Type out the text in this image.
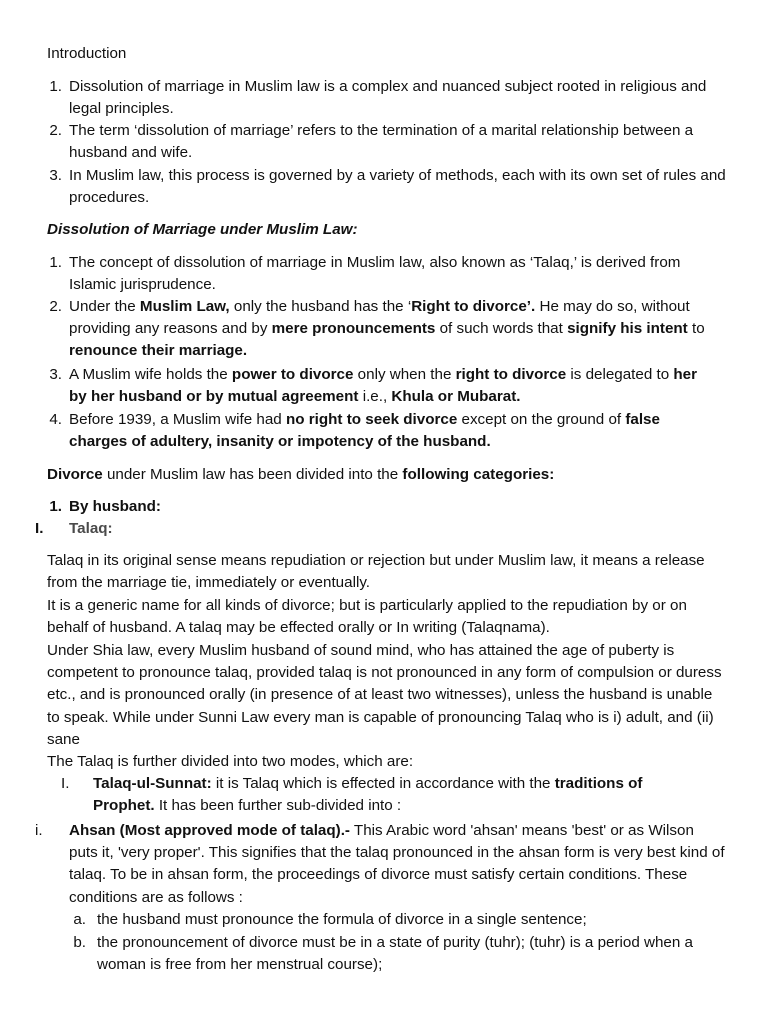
Introduction

1. Dissolution of marriage in Muslim law is a complex and nuanced subject rooted in religious and legal principles.
2. The term ‘dissolution of marriage’ refers to the termination of a marital relationship between a husband and wife.
3. In Muslim law, this process is governed by a variety of methods, each with its own set of rules and procedures.

Dissolution of Marriage under Muslim Law:

1. The concept of dissolution of marriage in Muslim law, also known as ‘Talaq,’ is derived from Islamic jurisprudence.
2. Under the Muslim Law, only the husband has the ‘Right to divorce’. He may do so, without providing any reasons and by mere pronouncements of such words that signify his intent to renounce their marriage.
3. A Muslim wife holds the power to divorce only when the right to divorce is delegated to her by her husband or by mutual agreement i.e., Khula or Mubarat.
4. Before 1939, a Muslim wife had no right to seek divorce except on the ground of false charges of adultery, insanity or impotency of the husband.

Divorce under Muslim law has been divided into the following categories:

1. By husband:
I.	Talaq:

Talaq in its original sense means repudiation or rejection but under Muslim law, it means a release from the marriage tie, immediately or eventually.

It is a generic name for all kinds of divorce; but is particularly applied to the repudiation by or on behalf of husband. A talaq may be effected orally or In writing (Talaqnama).

Under Shia law, every Muslim husband of sound mind, who has attained the age of puberty is competent to pronounce talaq, provided talaq is not pronounced in any form of compulsion or duress etc., and is pronounced orally (in presence of at least two witnesses), unless the husband is unable to speak. While under Sunni Law every man is capable of pronouncing Talaq who is i) adult, and (ii) sane

The Talaq is further divided into two modes, which are:

I.	Talaq-ul-Sunnat: it is Talaq which is effected in accordance with the traditions of Prophet. It has been further sub-divided into :
i.	Ahsan (Most approved mode of talaq).- This Arabic word 'ahsan' means 'best' or as Wilson puts it, 'very proper'. This signifies that the talaq pronounced in the ahsan form is very best kind of talaq. To be in ahsan form, the proceedings of divorce must satisfy certain conditions. These conditions are as follows :
a. the husband must pronounce the formula of divorce in a single sentence;
b. the pronouncement of divorce must be in a state of purity (tuhr); (tuhr) is a period when a woman is free from her menstrual course);
